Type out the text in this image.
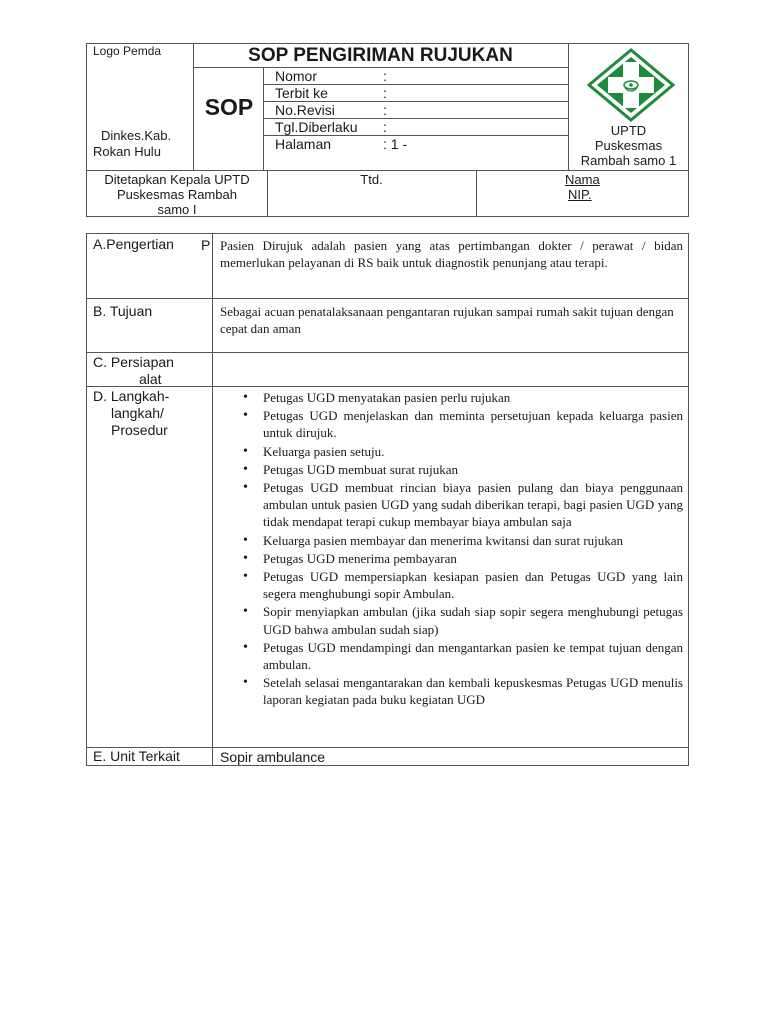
Logo Pemda
Dinkes.Kab.
Rokan Hulu
SOP PENGIRIMAN RUJUKAN
SOP
Nomor	:
Terbit ke	:
No.Revisi	:
Tgl.Diberlaku :
Halaman	: 1 -
UPTD
Puskesmas
Rambah samo 1
Ditetapkan Kepala UPTD
Puskesmas Rambah
samo I
Ttd.	Nama
NIP.
A.Pengertian P Pasien Dirujuk adalah pasien yang atas pertimbangan dokter / perawat / bidan memerlukan pelayanan di RS baik untuk diagnostik penunjang atau terapi.
B. Tujuan	Sebagai acuan penatalaksanaan pengantaran rujukan sampai rumah sakit tujuan dengan cepat dan aman
C. Persiapan
alat
D. Langkah-
langkah/
Prosedur
• Petugas UGD menyatakan pasien perlu rujukan
• Petugas UGD menjelaskan dan meminta persetujuan kepada keluarga pasien untuk dirujuk.
• Keluarga pasien setuju.
• Petugas UGD membuat surat rujukan
• Petugas UGD membuat rincian biaya pasien pulang dan biaya penggunaan ambulan untuk pasien UGD yang sudah diberikan terapi, bagi pasien UGD yang tidak mendapat terapi cukup membayar biaya ambulan saja
• Keluarga pasien membayar dan menerima kwitansi dan surat rujukan
• Petugas UGD menerima pembayaran
• Petugas UGD mempersiapkan kesiapan pasien dan Petugas UGD yang lain segera menghubungi sopir Ambulan.
• Sopir menyiapkan ambulan (jika sudah siap sopir segera menghubungi petugas UGD bahwa ambulan sudah siap)
• Petugas UGD mendampingi dan mengantarkan pasien ke tempat tujuan dengan ambulan.
• Setelah selasai mengantarakan dan kembali kepuskesmas Petugas UGD menulis laporan kegiatan pada buku kegiatan UGD
E. Unit Terkait	Sopir ambulance
